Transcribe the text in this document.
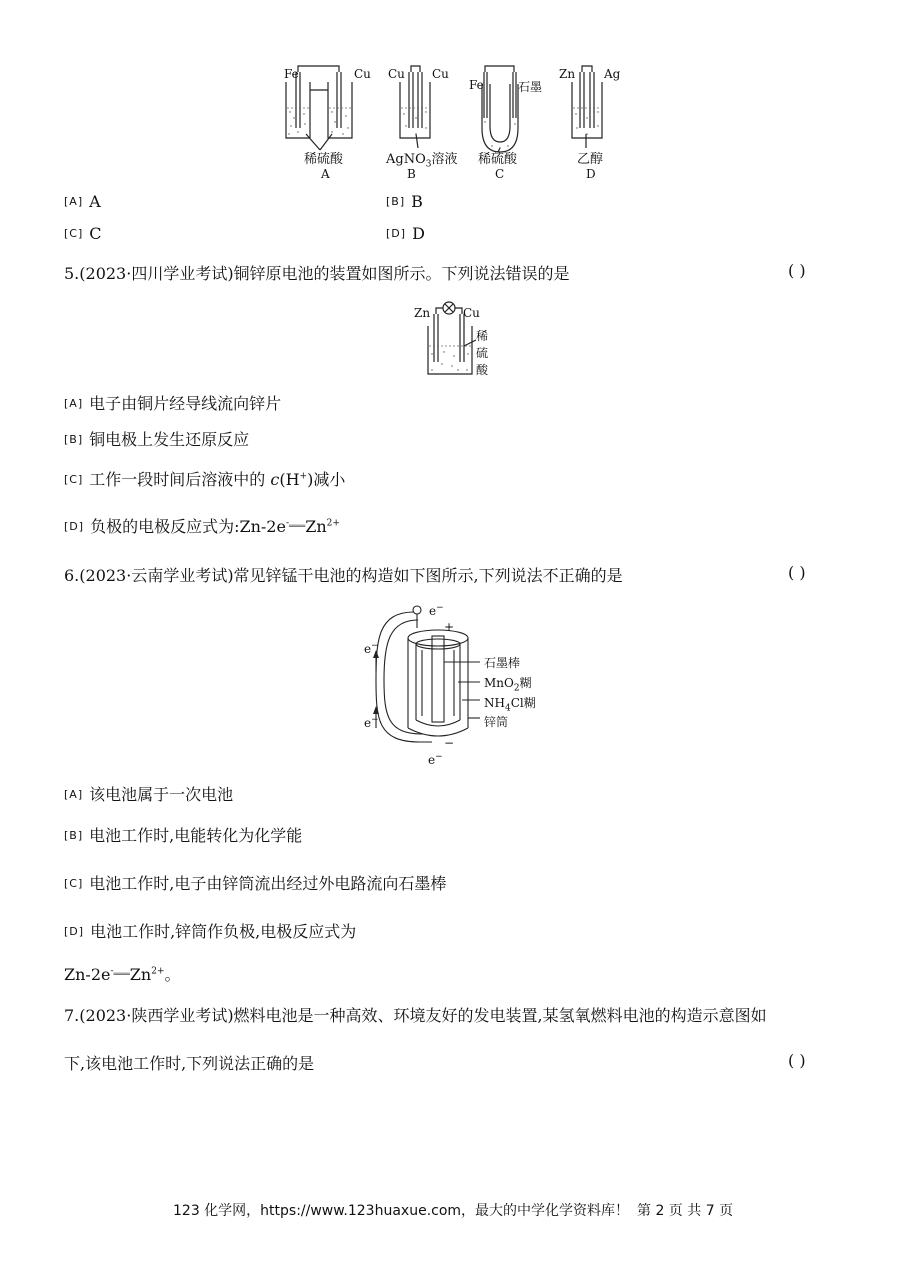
Fe	Cu Cu Cu
Fe	石墨
Zn Ag
稀硫酸	AgNO$_3$溶液 稀硫酸	乙醇
A	B	C	D
[A] A	[B] B
[C] C	[D] D
5.(2023·四川学业考试)铜锌原电池的装置如图所示。下列说法错误的是	( )
Zn	Cu
稀
硫
酸
[A] 电子由铜片经导线流向锌片
[B] 铜电极上发生还原反应
[C] 工作一段时间后溶液中的 c(H+)减小
[D] 负极的电极反应式为$:Zn-2e^-═══Zn^{2+}$
6.(2023·云南学业考试)常见锌锰干电池的构造如下图所示,下列说法不正确的是	( )
e−
+
e−
e−
−
e−
石墨棒
MnO$_2$糊
$NH_4Cl$糊
锌筒
[A] 该电池属于一次电池
[B] 电池工作时,电能转化为化学能
[C] 电池工作时,电子由锌筒流出经过外电路流向石墨棒
[D] 电池工作时,锌筒作负极,电极反应式为
$Zn-2e^-═══Zn^{2+}$。
7.(2023·陕西学业考试)燃料电池是一种高效、环境友好的发电装置,某氢氧燃料电池的构造示意图如
下,该电池工作时,下列说法正确的是	( )
123 化学网，https://www.123huaxue.com，最大的中学化学资料库！ 第 2 页 共 7 页
